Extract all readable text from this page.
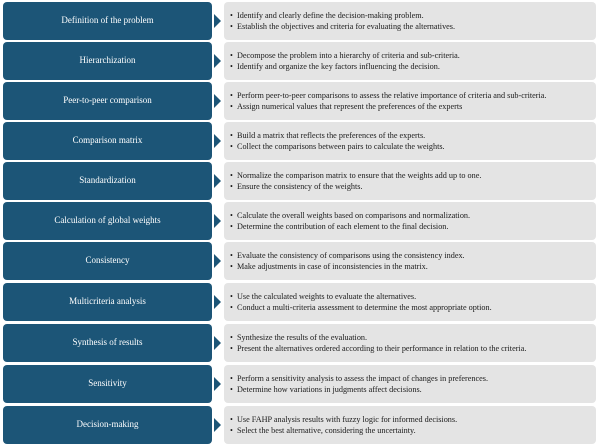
Definition of the problem
• Identify and clearly define the decision-making problem.
• Establish the objectives and criteria for evaluating the alternatives.
Hierarchization
• Decompose the problem into a hierarchy of criteria and sub-criteria.
• Identify and organize the key factors influencing the decision.
Peer-to-peer comparison
• Perform peer-to-peer comparisons to assess the relative importance of criteria and sub-criteria.
• Assign numerical values that represent the preferences of the experts
Comparison matrix
• Build a matrix that reflects the preferences of the experts.
• Collect the comparisons between pairs to calculate the weights.
Standardization
• Normalize the comparison matrix to ensure that the weights add up to one.
• Ensure the consistency of the weights.
Calculation of global weights
• Calculate the overall weights based on comparisons and normalization.
• Determine the contribution of each element to the final decision.
Consistency
• Evaluate the consistency of comparisons using the consistency index.
• Make adjustments in case of inconsistencies in the matrix.
Multicriteria analysis
• Use the calculated weights to evaluate the alternatives.
• Conduct a multi-criteria assessment to determine the most appropriate option.
Synthesis of results
• Synthesize the results of the evaluation.
• Present the alternatives ordered according to their performance in relation to the criteria.
Sensitivity
• Perform a sensitivity analysis to assess the impact of changes in preferences.
• Determine how variations in judgments affect decisions.
Decision-making
• Use FAHP analysis results with fuzzy logic for informed decisions.
• Select the best alternative, considering the uncertainty.
